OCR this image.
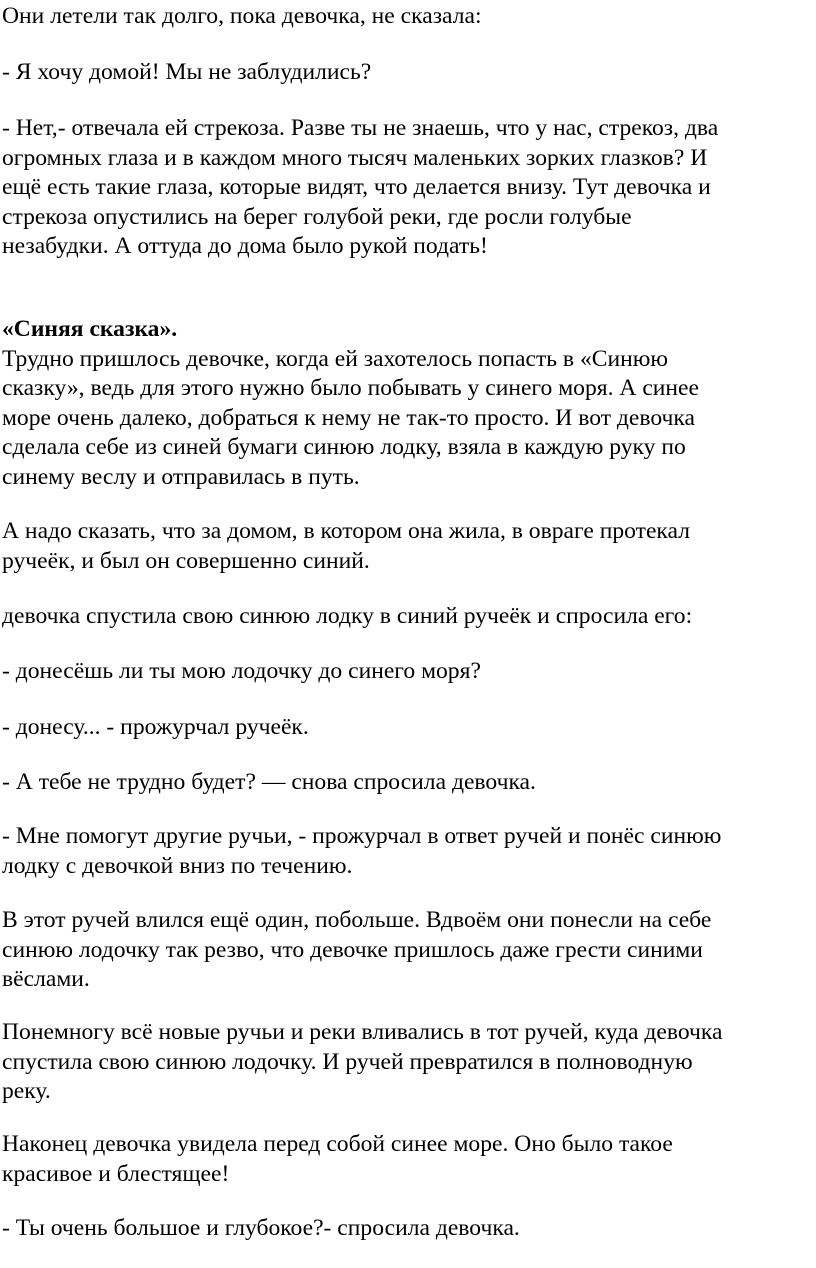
Они летели так долго, пока девочка, не сказала:
- Я хочу домой! Мы не заблудились?
- Нет,- отвечала ей стрекоза. Разве ты не знаешь, что у нас, стрекоз, два
огромных глаза и в каждом много тысяч маленьких зорких глазков? И
ещё есть такие глаза, которые видят, что делается внизу. Тут девочка и
стрекоза опустились на берег голубой реки, где росли голубые
незабудки. А оттуда до дома было рукой подать!
«Синяя сказка».
Трудно пришлось девочке, когда ей захотелось попасть в «Синюю
сказку», ведь для этого нужно было побывать у синего моря. А синее
море очень далеко, добраться к нему не так-то просто. И вот девочка
сделала себе из синей бумаги синюю лодку, взяла в каждую руку по
синему веслу и отправилась в путь.
А надо сказать, что за домом, в котором она жила, в овраге протекал
ручеёк, и был он совершенно синий.
девочка спустила свою синюю лодку в синий ручеёк и спросила его:
- донесёшь ли ты мою лодочку до синего моря?
- донесу... - прожурчал ручеёк.
- А тебе не трудно будет? — снова спросила девочка.
- Мне помогут другие ручьи, - прожурчал в ответ ручей и понёс синюю
лодку с девочкой вниз по течению.
В этот ручей влился ещё один, побольше. Вдвоём они понесли на себе
синюю лодочку так резво, что девочке пришлось даже грести синими
вёслами.
Понемногу всё новые ручьи и реки вливались в тот ручей, куда девочка
спустила свою синюю лодочку. И ручей превратился в полноводную
реку.
Наконец девочка увидела перед собой синее море. Оно было такое
красивое и блестящее!
- Ты очень большое и глубокое?- спросила девочка.
